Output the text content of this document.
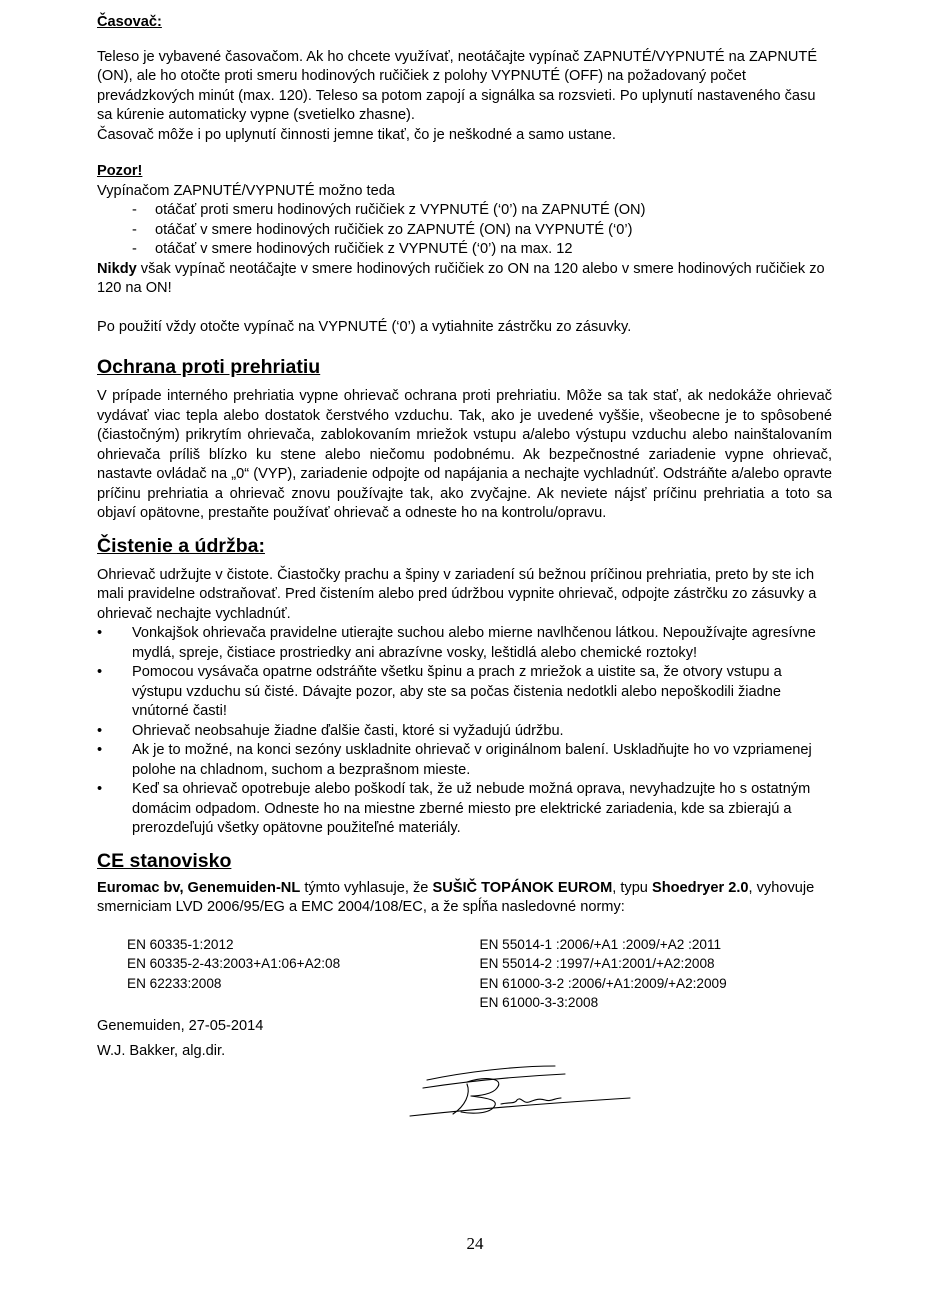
Časovač:

Teleso je vybavené časovačom. Ak ho chcete využívať, neotáčajte vypínač ZAPNUTÉ/VYPNUTÉ na ZAPNUTÉ (ON), ale ho otočte proti smeru hodinových ručičiek z polohy VYPNUTÉ (OFF) na požadovaný počet prevádzkových minút (max. 120). Teleso sa potom zapojí a signálka sa rozsvieti. Po uplynutí nastaveného času sa kúrenie automaticky vypne (svetielko zhasne).

Časovač môže i po uplynutí činnosti jemne tikať, čo je neškodné a samo ustane.

Pozor!

Vypínačom ZAPNUTÉ/VYPNUTÉ možno teda

- otáčať proti smeru hodinových ručičiek z VYPNUTÉ (‘0’) na ZAPNUTÉ (ON)
- otáčať v smere hodinových ručičiek zo ZAPNUTÉ (ON) na VYPNUTÉ (‘0’)
- otáčať v smere hodinových ručičiek z VYPNUTÉ (‘0’) na max. 12

Nikdy však vypínač neotáčajte v smere hodinových ručičiek zo ON na 120 alebo v smere hodinových ručičiek zo 120 na ON!

Po použití vždy otočte vypínač na VYPNUTÉ (‘0’) a vytiahnite zástrčku zo zásuvky.

Ochrana proti prehriatiu

V prípade interného prehriatia vypne ohrievač ochrana proti prehriatiu. Môže sa tak stať, ak nedokáže ohrievač vydávať viac tepla alebo dostatok čerstvého vzduchu. Tak, ako je uvedené vyššie, všeobecne je to spôsobené (čiastočným) prikrytím ohrievača, zablokovaním mriežok vstupu a/alebo výstupu vzduchu alebo nainštalovaním ohrievača príliš blízko ku stene alebo niečomu podobnému. Ak bezpečnostné zariadenie vypne ohrievač, nastavte ovládač na „0“ (VYP), zariadenie odpojte od napájania a nechajte vychladnúť. Odstráňte a/alebo opravte príčinu prehriatia a ohrievač znovu používajte tak, ako zvyčajne. Ak neviete nájsť príčinu prehriatia a toto sa objaví opätovne, prestaňte používať ohrievač a odneste ho na kontrolu/opravu.

Čistenie a údržba:

Ohrievač udržujte v čistote. Čiastočky prachu a špiny v zariadení sú bežnou príčinou prehriatia, preto by ste ich mali pravidelne odstraňovať. Pred čistením alebo pred údržbou vypnite ohrievač, odpojte zástrčku zo zásuvky a ohrievač nechajte vychladnúť.

• Vonkajšok ohrievača pravidelne utierajte suchou alebo mierne navlhčenou látkou. Nepoužívajte agresívne mydlá, spreje, čistiace prostriedky ani abrazívne vosky, leštidlá alebo chemické roztoky!
• Pomocou vysávača opatrne odstráňte všetku špinu a prach z mriežok a uistite sa, že otvory vstupu a výstupu vzduchu sú čisté. Dávajte pozor, aby ste sa počas čistenia nedotkli alebo nepoškodili žiadne vnútorné časti!
• Ohrievač neobsahuje žiadne ďalšie časti, ktoré si vyžadujú údržbu.
• Ak je to možné, na konci sezóny uskladnite ohrievač v originálnom balení. Uskladňujte ho vo vzpriamenej polohe na chladnom, suchom a bezprašnom mieste.
• Keď sa ohrievač opotrebuje alebo poškodí tak, že už nebude možná oprava, nevyhadzujte ho s ostatným domácim odpadom. Odneste ho na miestne zberné miesto pre elektrické zariadenia, kde sa zbierajú a prerozdeľujú všetky opätovne použiteľné materiály.

CE stanovisko

Euromac bv, Genemuiden-NL týmto vyhlasuje, že SUŠIČ TOPÁNOK EUROM, typu Shoedryer 2.0, vyhovuje smerniciam LVD 2006/95/EG a EMC 2004/108/EC, a že spĺňa nasledovné normy:

EN 60335-1:2012
EN 60335-2-43:2003+A1:06+A2:08
EN 62233:2008
EN 55014-1 :2006/+A1 :2009/+A2 :2011
EN 55014-2 :1997/+A1:2001/+A2:2008
EN 61000-3-2 :2006/+A1:2009/+A2:2009
EN 61000-3-3:2008

Genemuiden, 27-05-2014

W.J. Bakker, alg.dir.

24
